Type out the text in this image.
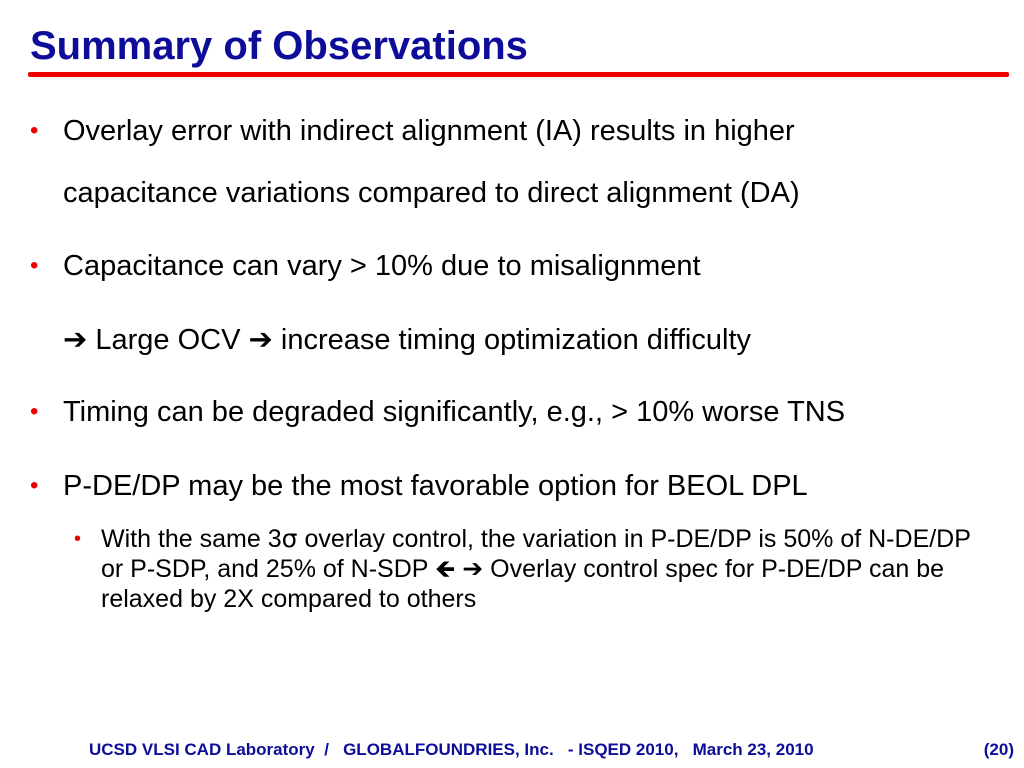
Summary of Observations
• Overlay error with indirect alignment (IA) results in higher
capacitance variations compared to direct alignment (DA)
• Capacitance can vary > 10% due to misalignment
➔ Large OCV ➔ increase timing optimization difficulty
• Timing can be degraded significantly, e.g., > 10% worse TNS
• P-DE/DP may be the most favorable option for BEOL DPL
• With the same 3σ overlay control, the variation in P-DE/DP is 50% of N-DE/DP or P-SDP, and 25% of N-SDP 🡸 ➔ Overlay control spec for P-DE/DP can be relaxed by 2X compared to others
UCSD VLSI CAD Laboratory  /   GLOBALFOUNDRIES, Inc.   - ISQED 2010,   March 23, 2010	(20)
